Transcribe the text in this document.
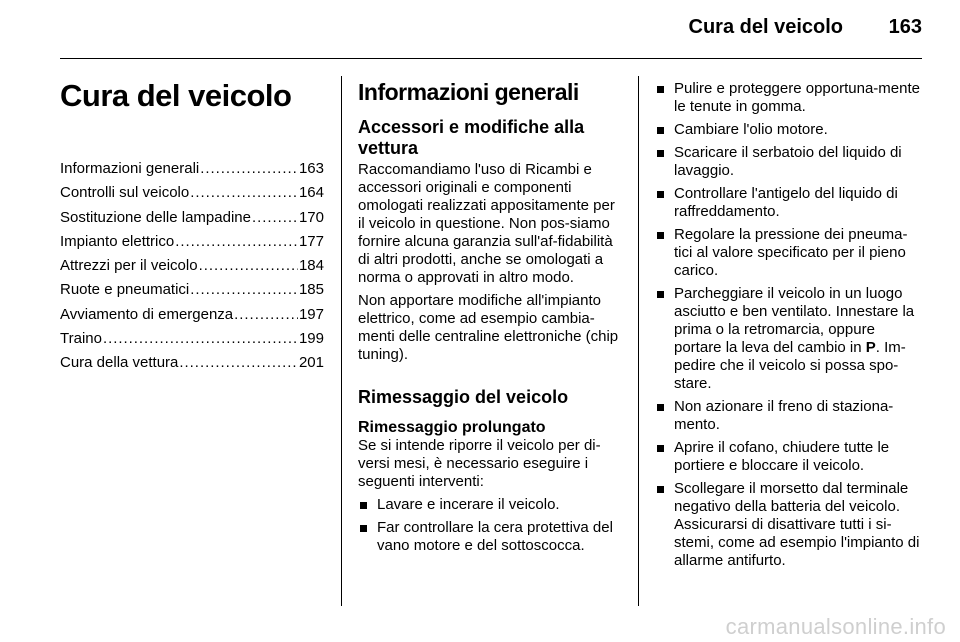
Cura del veicolo 163
Cura del veicolo
Informazioni generali . . .	163
Controlli sul veicolo . . .	164
Sostituzione delle lampadine . . .	170
Impianto elettrico . . .	177
Attrezzi per il veicolo . . .	184
Ruote e pneumatici . . .	185
Avviamento di emergenza . . .	197
Traino . . .	199
Cura della vettura . . .	201
Informazioni generali
Accessori e modifiche alla vettura

Raccomandiamo l'uso di Ricambi e accessori originali e componenti omologati realizzati appositamente per il veicolo in questione. Non pos-siamo fornire alcuna garanzia sull'af-fidabilità di altri prodotti, anche se omologati a norma o approvati in altro modo.

Non apportare modifiche all'impianto elettrico, come ad esempio cambia-menti delle centraline elettroniche (chip tuning).

Rimessaggio del veicolo
Rimessaggio prolungato

Se si intende riporre il veicolo per di-versi mesi, è necessario eseguire i seguenti interventi:

Lavare e incerare il veicolo.
Far controllare la cera protettiva del vano motore e del sottoscocca.
Pulire e proteggere opportuna-mente le tenute in gomma.
Cambiare l'olio motore.
Scaricare il serbatoio del liquido di lavaggio.
Controllare l'antigelo del liquido di raffreddamento.
Regolare la pressione dei pneuma-tici al valore specificato per il pieno carico.
Parcheggiare il veicolo in un luogo asciutto e ben ventilato. Innestare la prima o la retromarcia, oppure portare la leva del cambio in P. Im-pedire che il veicolo si possa spo-stare.
Non azionare il freno di staziona-mento.
Aprire il cofano, chiudere tutte le portiere e bloccare il veicolo.
Scollegare il morsetto dal terminale negativo della batteria del veicolo. Assicurarsi di disattivare tutti i si-stemi, come ad esempio l'impianto di allarme antifurto.
carmanualsonline.info
